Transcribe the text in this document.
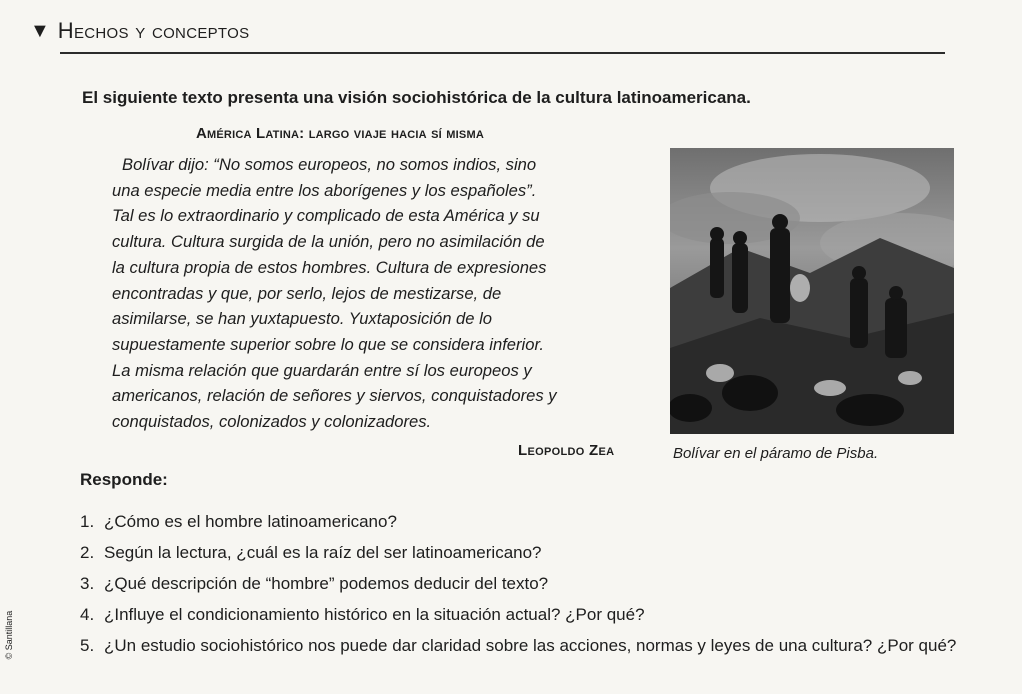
▼ Hechos y conceptos
El siguiente texto presenta una visión sociohistórica de la cultura latinoamericana.
América Latina: largo viaje hacia sí misma

Bolívar dijo: “No somos europeos, no somos indios, sino
una especie media entre los aborígenes y los españoles”.
Tal es lo extraordinario y complicado de esta América y su
cultura. Cultura surgida de la unión, pero no asimilación de
la cultura propia de estos hombres. Cultura de expresiones
encontradas y que, por serlo, lejos de mestizarse, de
asimilarse, se han yuxtapuesto. Yuxtaposición de lo
supuestamente superior sobre lo que se considera inferior.
La misma relación que guardarán entre sí los europeos y
americanos, relación de señores y siervos, conquistadores y
conquistados, colonizados y colonizadores.

Leopoldo Zea	Bolívar en el páramo de Pisba.
Responde:
1. ¿Cómo es el hombre latinoamericano?
2. Según la lectura, ¿cuál es la raíz del ser latinoamericano?
3. ¿Qué descripción de “hombre” podemos deducir del texto?
4. ¿Influye el condicionamiento histórico en la situación actual? ¿Por qué?
5. ¿Un estudio sociohistórico nos puede dar claridad sobre las acciones, normas y leyes de una cultura? ¿Por qué?
© Santillana
